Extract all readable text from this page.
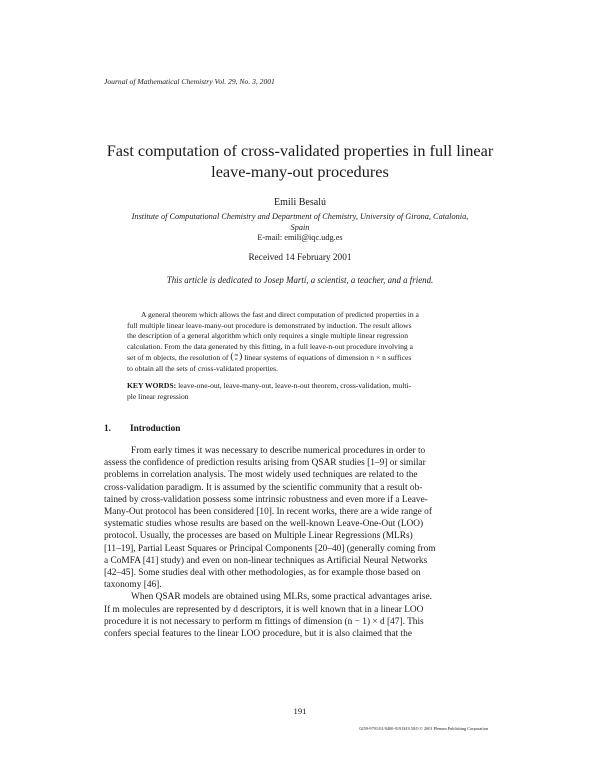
Journal of Mathematical Chemistry Vol. 29, No. 3, 2001
Fast computation of cross-validated properties in full linear
leave-many-out procedures
Emili Besalú
Institute of Computational Chemistry and Department of Chemistry, University of Girona, Catalonia,
Spain
E-mail: emili@iqc.udg.es
Received 14 February 2001
This article is dedicated to Josep Martí, a scientist, a teacher, and a friend.
A general theorem which allows the fast and direct computation of predicted properties in a
full multiple linear leave-many-out procedure is demonstrated by induction. The result allows
the description of a general algorithm which only requires a single multiple linear regression
calculation. From the data generated by this fitting, in a full leave-n-out procedure involving a
set of m objects, the resolution of ( m
n ) linear systems of equations of dimension n × n suffices
to obtain all the sets of cross-validated properties.
KEY WORDS: leave-one-out, leave-many-out, leave-n-out theorem, cross-validation, multi-
ple linear regression
1. Introduction
From early times it was necessary to describe numerical procedures in order to
assess the confidence of prediction results arising from QSAR studies [1–9] or similar
problems in correlation analysis. The most widely used techniques are related to the
cross-validation paradigm. It is assumed by the scientific community that a result ob-
tained by cross-validation possess some intrinsic robustness and even more if a Leave-
Many-Out protocol has been considered [10]. In recent works, there are a wide range of
systematic studies whose results are based on the well-known Leave-One-Out (LOO)
protocol. Usually, the processes are based on Multiple Linear Regressions (MLRs)
[11–19], Partial Least Squares or Principal Components [20–40] (generally coming from
a CoMFA [41] study) and even on non-linear techniques as Artificial Neural Networks
[42–45]. Some studies deal with other methodologies, as for example those based on
taxonomy [46].
When QSAR models are obtained using MLRs, some practical advantages arise.
If m molecules are represented by d descriptors, it is well known that in a linear LOO
procedure it is not necessary to perform m fittings of dimension (n − 1) × d [47]. This
confers special features to the linear LOO procedure, but it is also claimed that the
191
0259-9791/01/0400-0191$19.50/0 © 2001 Plenum Publishing Corporation
